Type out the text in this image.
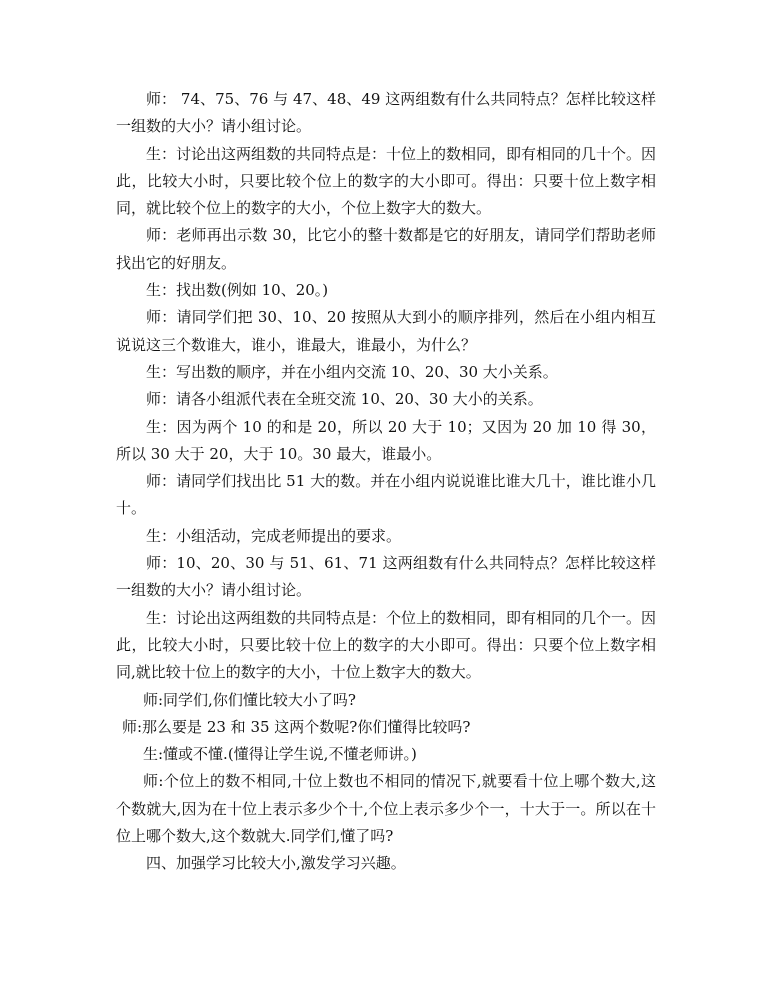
师： 74、75、76 与 47、48、49 这两组数有什么共同特点？怎样比较这样一组数的大小？请小组讨论。

生：讨论出这两组数的共同特点是：十位上的数相同，即有相同的几十个。因此，比较大小时，只要比较个位上的数字的大小即可。得出：只要十位上数字相同，就比较个位上的数字的大小，个位上数字大的数大。

师：老师再出示数 30，比它小的整十数都是它的好朋友，请同学们帮助老师找出它的好朋友。

生：找出数(例如 10、20。)

师：请同学们把 30、10、20 按照从大到小的顺序排列，然后在小组内相互说说这三个数谁大，谁小，谁最大，谁最小，为什么？

生：写出数的顺序，并在小组内交流 10、20、30 大小关系。

师：请各小组派代表在全班交流 10、20、30 大小的关系。

生：因为两个 10 的和是 20，所以 20 大于 10；又因为 20 加 10 得 30，所以 30 大于 20，大于 10。30 最大，谁最小。

师：请同学们找出比 51 大的数。并在小组内说说谁比谁大几十，谁比谁小几十。

生：小组活动，完成老师提出的要求。

师：10、20、30 与 51、61、71 这两组数有什么共同特点？怎样比较这样一组数的大小？请小组讨论。

生：讨论出这两组数的共同特点是：个位上的数相同，即有相同的几个一。因此，比较大小时，只要比较十位上的数字的大小即可。得出：只要个位上数字相同,就比较十位上的数字的大小，十位上数字大的数大。

师:同学们,你们懂比较大小了吗?

师:那么要是 23 和 35 这两个数呢?你们懂得比较吗?

生:懂或不懂.(懂得让学生说,不懂老师讲。)

师:个位上的数不相同,十位上数也不相同的情况下,就要看十位上哪个数大,这个数就大,因为在十位上表示多少个十,个位上表示多少个一，十大于一。所以在十位上哪个数大,这个数就大.同学们,懂了吗?

四、加强学习比较大小,激发学习兴趣。
